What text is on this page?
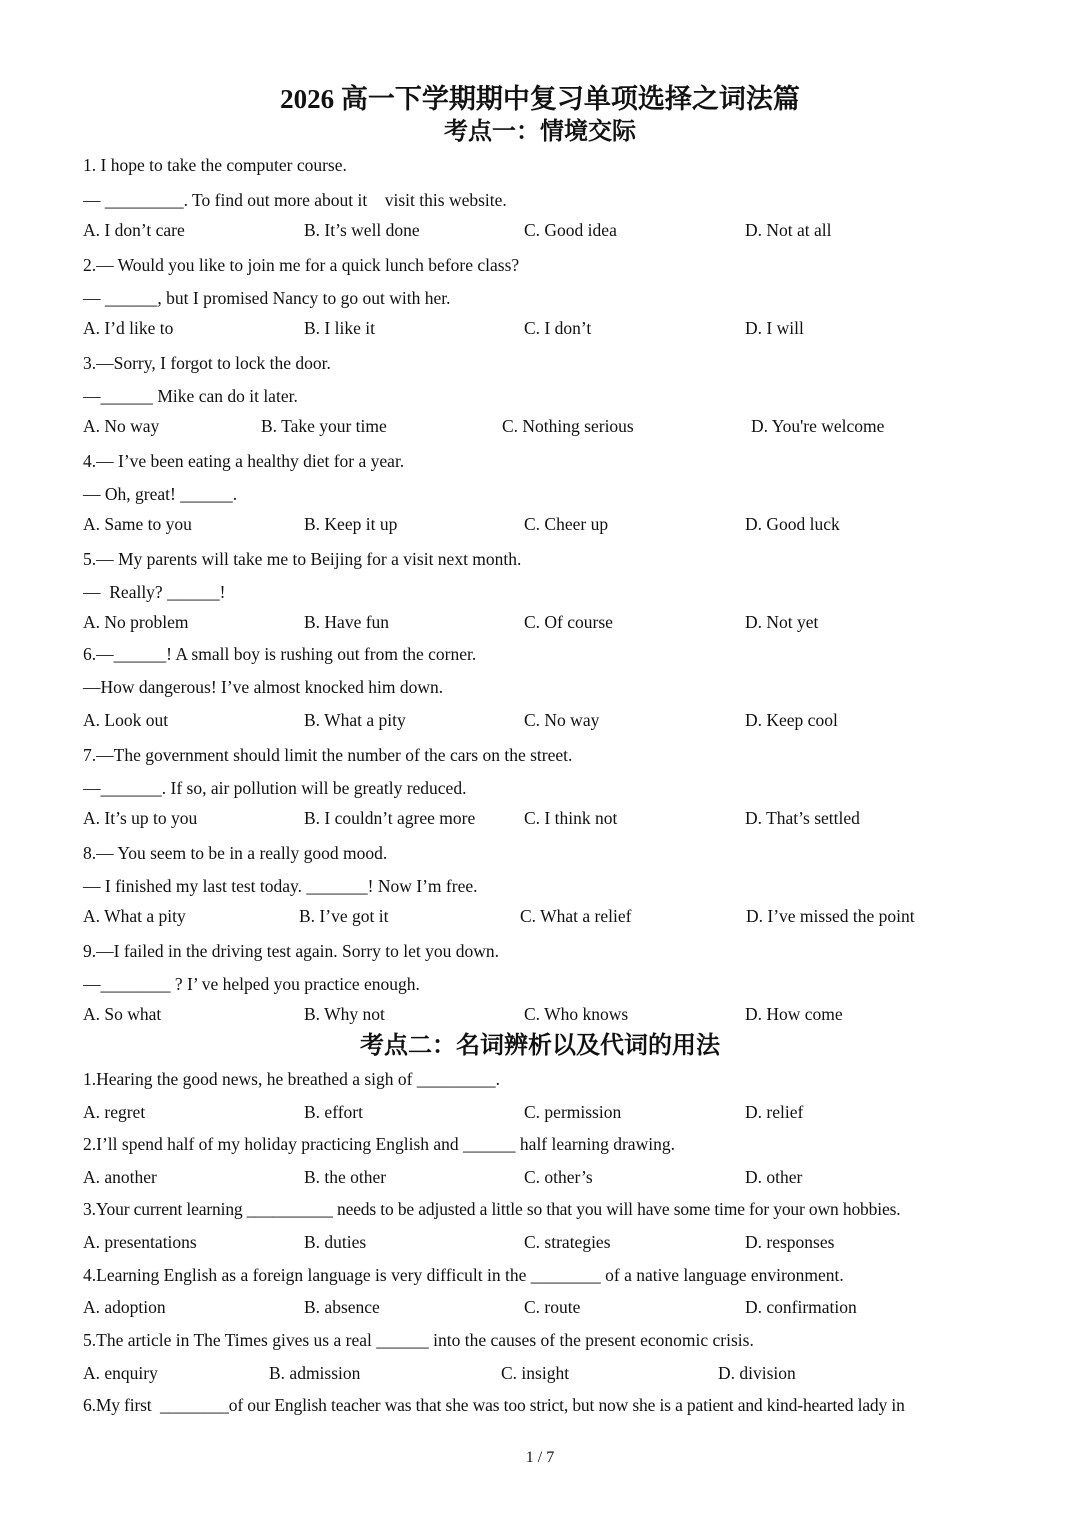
2026 高一下学期期中复习单项选择之词法篇
考点一：情境交际
1. I hope to take the computer course.
— _________. To find out more about it    visit this website.
A. I don’t care	B. It’s well done	C. Good idea	D. Not at all
2.— Would you like to join me for a quick lunch before class?
— ______, but I promised Nancy to go out with her.
A. I’d like to	B. I like it	C. I don’t	D. I will
3.—Sorry, I forgot to lock the door.
—______ Mike can do it later.
A. No way	B. Take your time	C. Nothing serious	D. You're welcome
4.— I’ve been eating a healthy diet for a year.
— Oh, great! ______.
A. Same to you	B. Keep it up	C. Cheer up	D. Good luck
5.— My parents will take me to Beijing for a visit next month.
—  Really? ______!
A. No problem	B. Have fun	C. Of course	D. Not yet
6.—______! A small boy is rushing out from the corner.
—How dangerous! I’ve almost knocked him down.
A. Look out	B. What a pity	C. No way	D. Keep cool
7.—The government should limit the number of the cars on the street.
—_______. If so, air pollution will be greatly reduced.
A. It’s up to you	B. I couldn’t agree more	C. I think not	D. That’s settled
8.— You seem to be in a really good mood.
— I finished my last test today. _______! Now I’m free.
A. What a pity	B. I’ve got it	C. What a relief	D. I’ve missed the point
9.—I failed in the driving test again. Sorry to let you down.
—________ ? I’ ve helped you practice enough.
A. So what	B. Why not	C. Who knows	D. How come
考点二：名词辨析以及代词的用法
1.Hearing the good news, he breathed a sigh of _________.
A. regret	B. effort	C. permission	D. relief
2.I’ll spend half of my holiday practicing English and ______ half learning drawing.
A. another	B. the other	C. other’s	D. other
3.Your current learning __________ needs to be adjusted a little so that you will have some time for your own hobbies.
A. presentations	B. duties	C. strategies	D. responses
4.Learning English as a foreign language is very difficult in the ________ of a native language environment.
A. adoption	B. absence	C. route	D. confirmation
5.The article in The Times gives us a real ______ into the causes of the present economic crisis.
A. enquiry	B. admission	C. insight	D. division
6.My first  ________of our English teacher was that she was too strict, but now she is a patient and kind-hearted lady in
1 / 7
